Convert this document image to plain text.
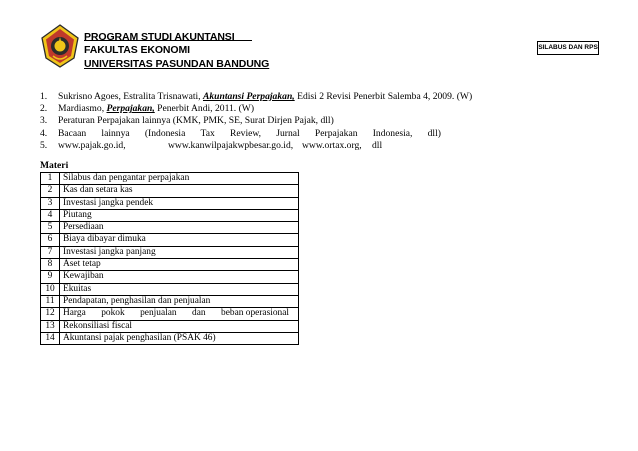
PROGRAM STUDI AKUNTANSI
FAKULTAS EKONOMI
UNIVERSITAS PASUNDAN BANDUNG
SILABUS DAN RPS
1. Sukrisno Agoes, Estralita Trisnawati, Akuntansi Perpajakan, Edisi 2 Revisi Penerbit Salemba 4, 2009. (W)
2. Mardiasmo, Perpajakan, Penerbit Andi, 2011. (W)
3. Peraturan Perpajakan lainnya (KMK, PMK, SE, Surat Dirjen Pajak, dll)
4. Bacaan lainnya (Indonesia Tax Review, Jurnal Perpajakan Indonesia, dll)
5. www.pajak.go.id,	www.kanwilpajakwpbesar.go.id, www.ortax.org, dll
Materi
1	Silabus dan pengantar perpajakan
2	Kas dan setara kas
3	Investasi jangka pendek
4	Piutang
5	Persediaan
6	Biaya dibayar dimuka
7	Investasi jangka panjang
8	Aset tetap
9	Kewajiban
10	Ekuitas
11	Pendapatan, penghasilan dan penjualan
12	Harga pokok penjualan dan beban operasional

13	Rekonsiliasi fiscal
14	Akuntansi pajak penghasilan (PSAK 46)
